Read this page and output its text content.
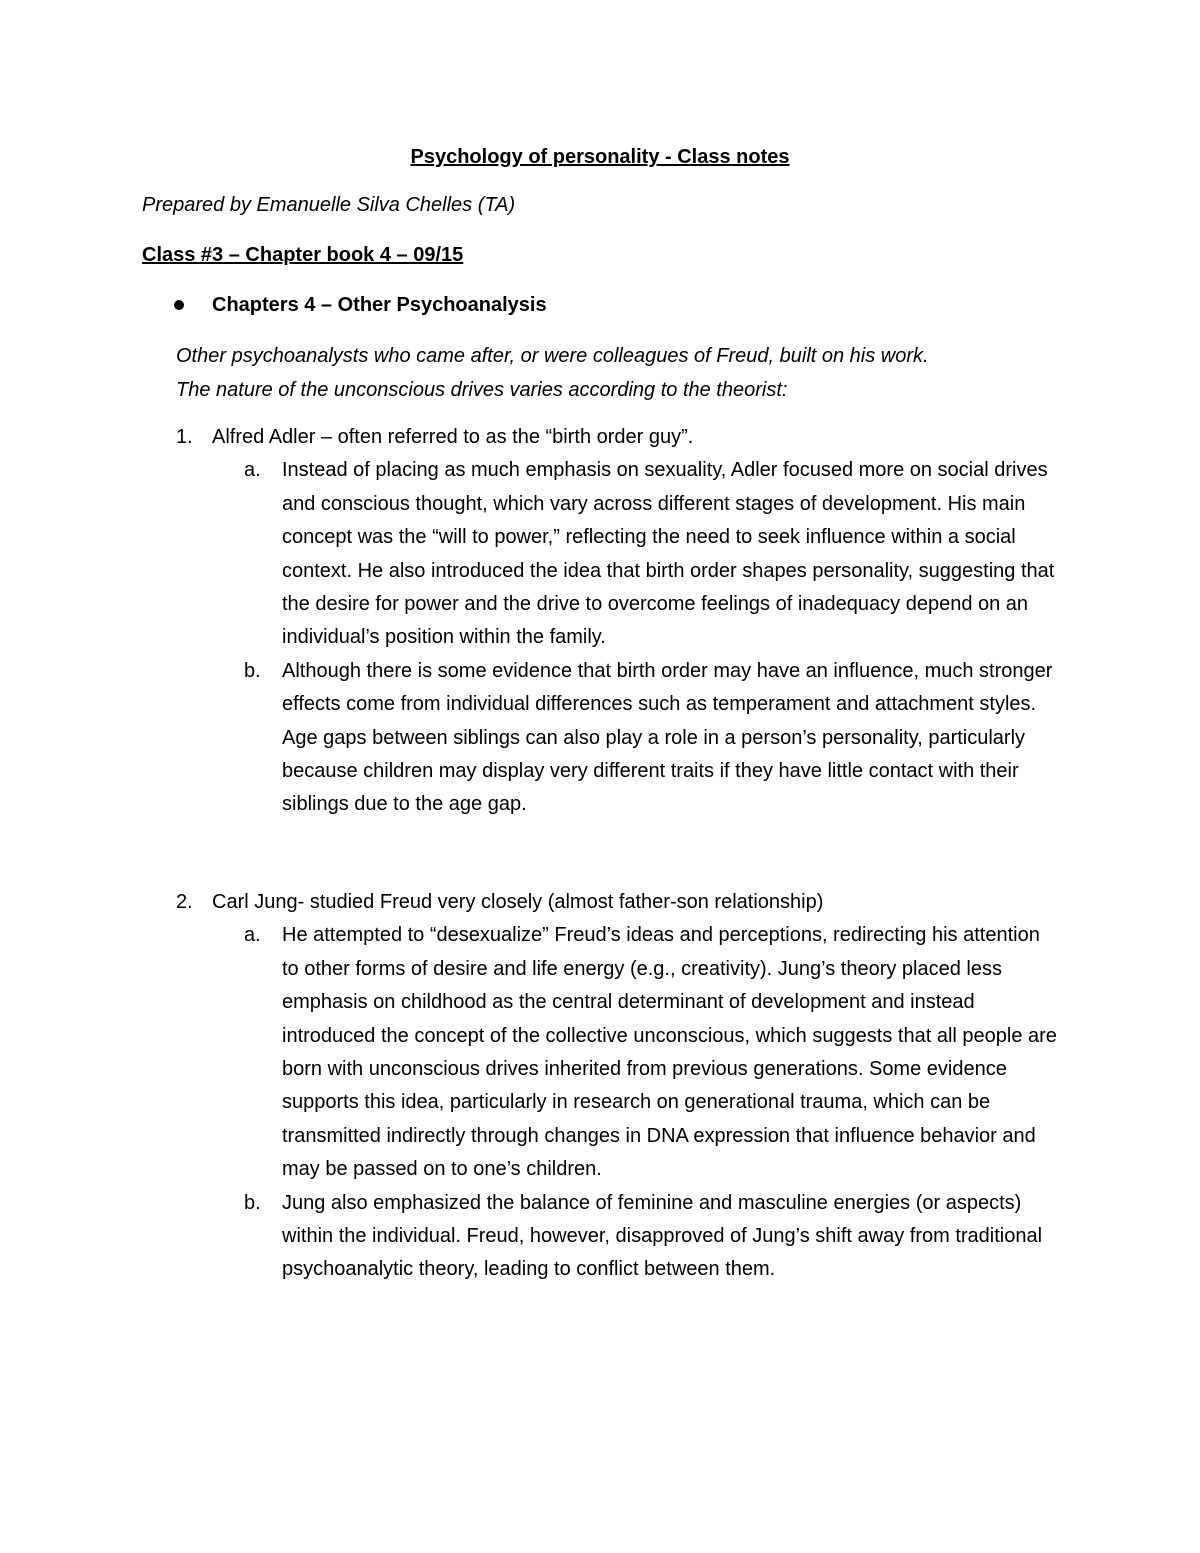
Psychology of personality - Class notes
Prepared by Emanuelle Silva Chelles (TA)
Class #3 – Chapter book 4 – 09/15
Chapters 4 – Other Psychoanalysis

Other psychoanalysts who came after, or were colleagues of Freud, built on his work.

The nature of the unconscious drives varies according to the theorist:

1. Alfred Adler – often referred to as the “birth order guy”.
a.	Instead of placing as much emphasis on sexuality, Adler focused more on social drives and conscious thought, which vary across different stages of development. His main concept was the “will to power,” reflecting the need to seek influence within a social context. He also introduced the idea that birth order shapes personality, suggesting that the desire for power and the drive to overcome feelings of inadequacy depend on an individual’s position within the family.
b.	Although there is some evidence that birth order may have an influence, much stronger effects come from individual differences such as temperament and attachment styles. Age gaps between siblings can also play a role in a person’s personality, particularly because children may display very different traits if they have little contact with their siblings due to the age gap.
2. Carl Jung- studied Freud very closely (almost father-son relationship)
a.	He attempted to “desexualize” Freud’s ideas and perceptions, redirecting his attention to other forms of desire and life energy (e.g., creativity). Jung’s theory placed less emphasis on childhood as the central determinant of development and instead introduced the concept of the collective unconscious, which suggests that all people are born with unconscious drives inherited from previous generations. Some evidence supports this idea, particularly in research on generational trauma, which can be transmitted indirectly through changes in DNA expression that influence behavior and may be passed on to one’s children.
b.	Jung also emphasized the balance of feminine and masculine energies (or aspects) within the individual. Freud, however, disapproved of Jung’s shift away from traditional psychoanalytic theory, leading to conflict between them.
